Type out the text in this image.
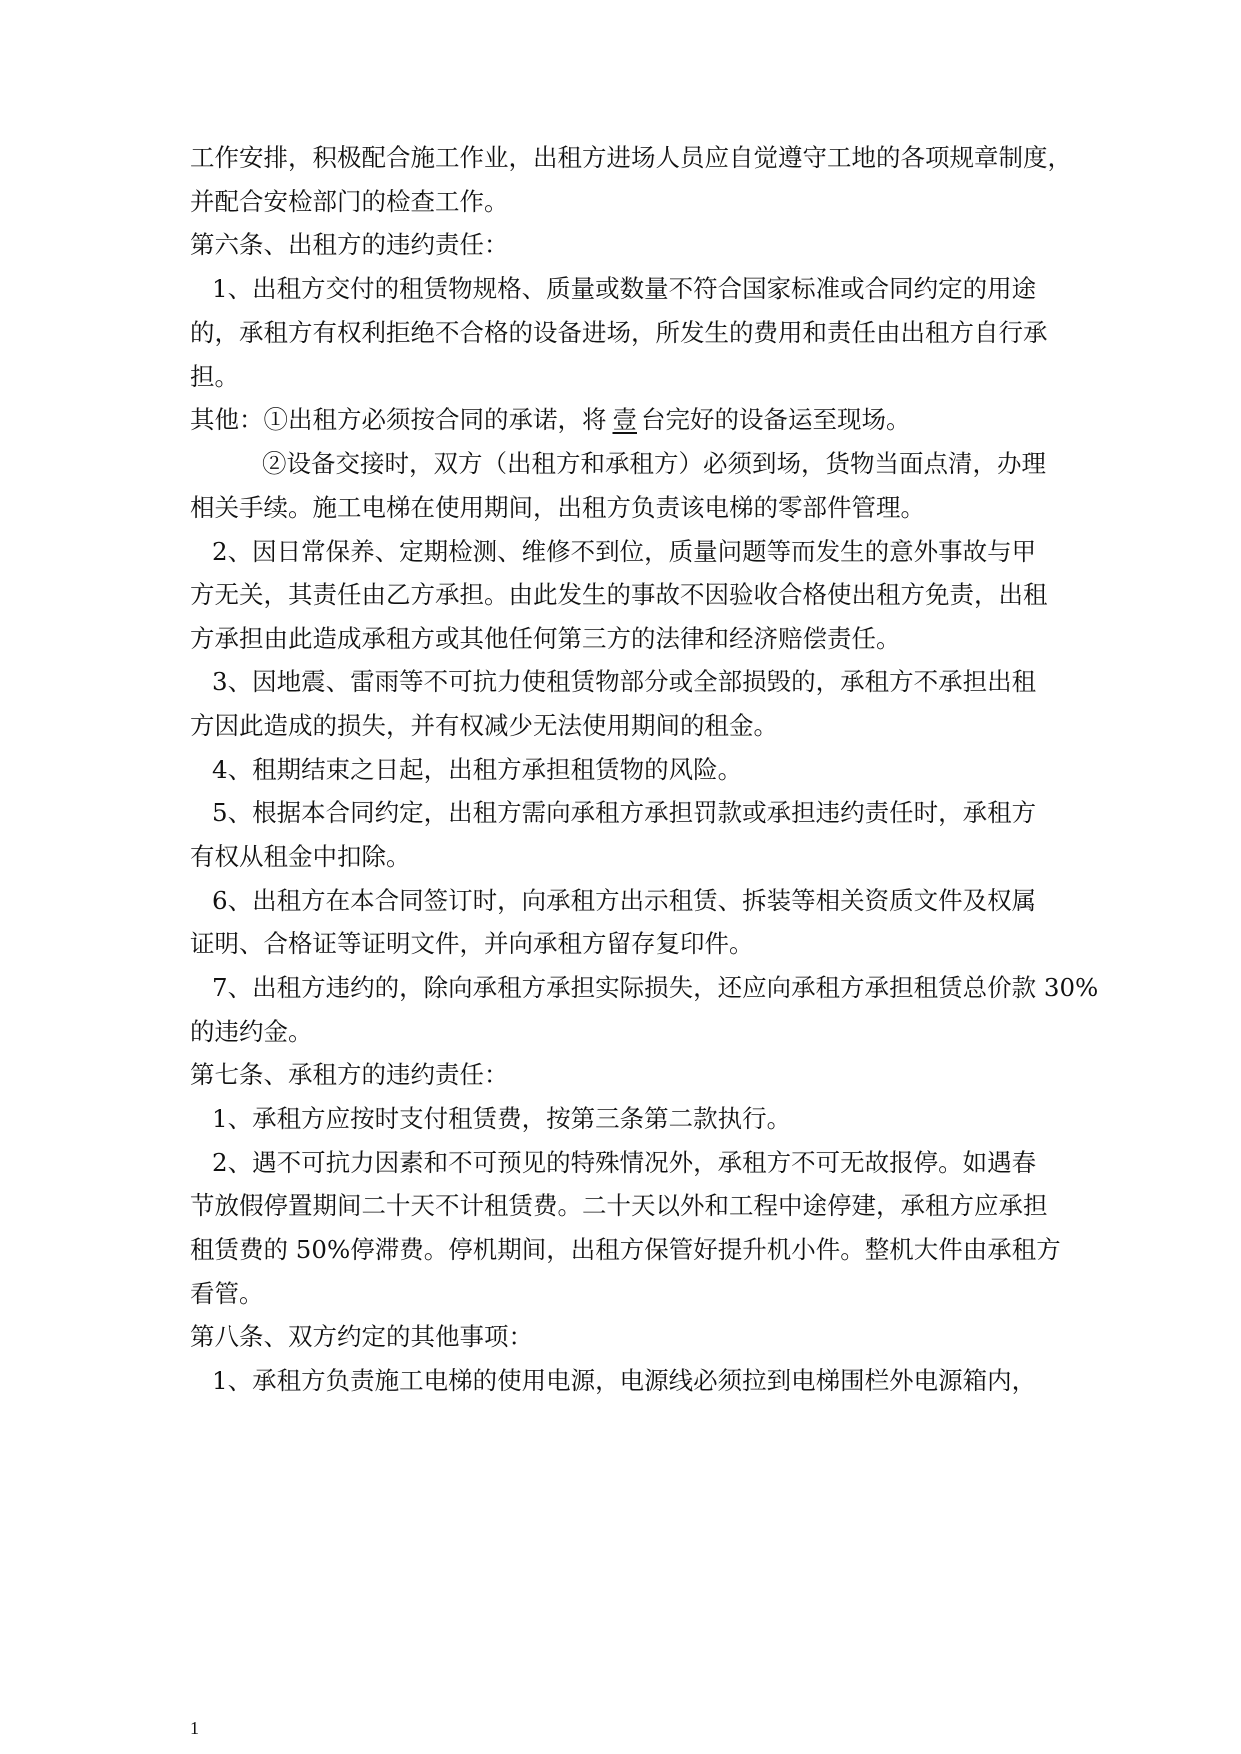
工作安排，积极配合施工作业，出租方进场人员应自觉遵守工地的各项规章制度，
并配合安检部门的检查工作。
第六条、出租方的违约责任：
1、出租方交付的租赁物规格、质量或数量不符合国家标准或合同约定的用途
的，承租方有权利拒绝不合格的设备进场，所发生的费用和责任由出租方自行承
担。
其他：①出租方必须按合同的承诺，将 壹 台完好的设备运至现场。
②设备交接时，双方（出租方和承租方）必须到场，货物当面点清，办理
相关手续。施工电梯在使用期间，出租方负责该电梯的零部件管理。
2、因日常保养、定期检测、维修不到位，质量问题等而发生的意外事故与甲
方无关，其责任由乙方承担。由此发生的事故不因验收合格使出租方免责，出租
方承担由此造成承租方或其他任何第三方的法律和经济赔偿责任。
3、因地震、雷雨等不可抗力使租赁物部分或全部损毁的，承租方不承担出租
方因此造成的损失，并有权减少无法使用期间的租金。
4、租期结束之日起，出租方承担租赁物的风险。
5、根据本合同约定，出租方需向承租方承担罚款或承担违约责任时，承租方
有权从租金中扣除。
6、出租方在本合同签订时，向承租方出示租赁、拆装等相关资质文件及权属
证明、合格证等证明文件，并向承租方留存复印件。
7、出租方违约的，除向承租方承担实际损失，还应向承租方承担租赁总价款 30%
的违约金。
第七条、承租方的违约责任：
1、承租方应按时支付租赁费，按第三条第二款执行。
2、遇不可抗力因素和不可预见的特殊情况外，承租方不可无故报停。如遇春
节放假停置期间二十天不计租赁费。二十天以外和工程中途停建，承租方应承担
租赁费的 50%停滞费。停机期间，出租方保管好提升机小件。整机大件由承租方
看管。
第八条、双方约定的其他事项：
1、承租方负责施工电梯的使用电源，电源线必须拉到电梯围栏外电源箱内，
1
